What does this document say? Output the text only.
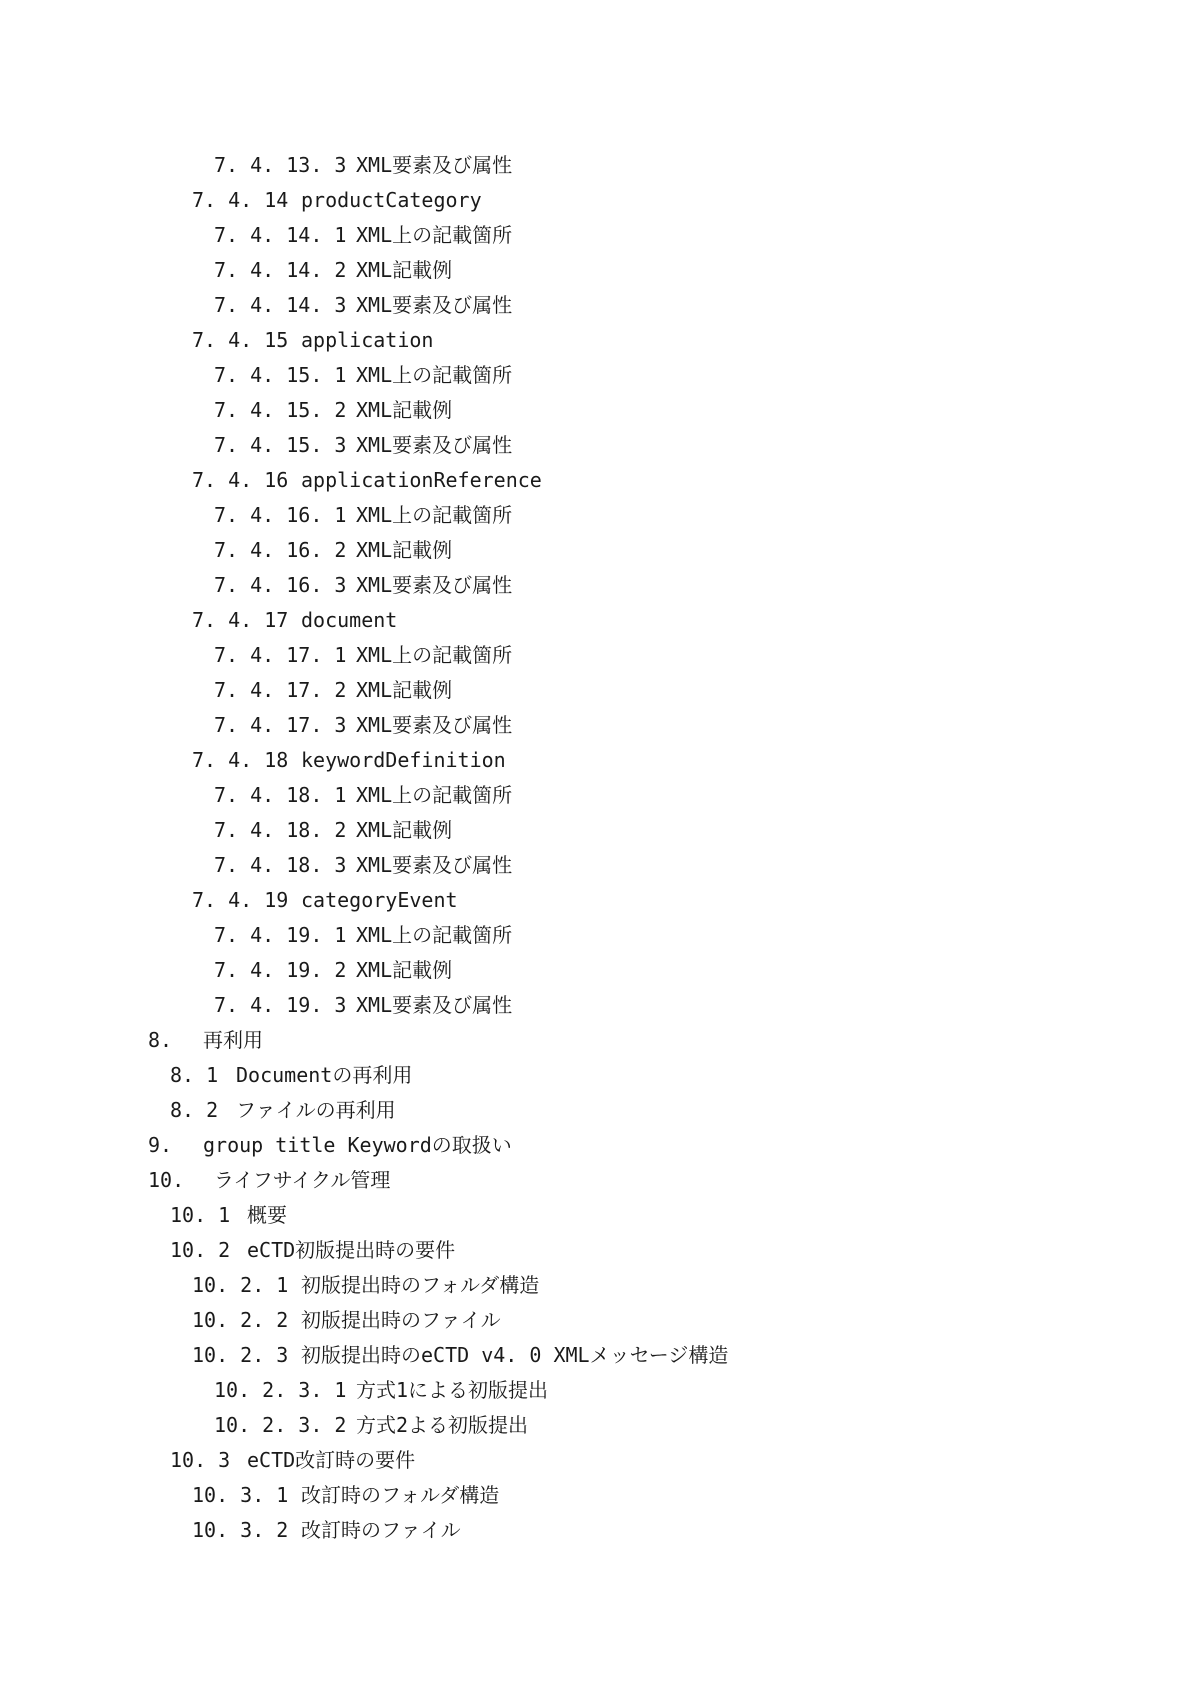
7. 4. 13. 3 XML要素及び属性
7. 4. 14 productCategory
7. 4. 14. 1 XML上の記載箇所
7. 4. 14. 2 XML記載例
7. 4. 14. 3 XML要素及び属性
7. 4. 15 application
7. 4. 15. 1 XML上の記載箇所
7. 4. 15. 2 XML記載例
7. 4. 15. 3 XML要素及び属性
7. 4. 16 applicationReference
7. 4. 16. 1 XML上の記載箇所
7. 4. 16. 2 XML記載例
7. 4. 16. 3 XML要素及び属性
7. 4. 17 document
7. 4. 17. 1 XML上の記載箇所
7. 4. 17. 2 XML記載例
7. 4. 17. 3 XML要素及び属性
7. 4. 18 keywordDefinition
7. 4. 18. 1 XML上の記載箇所
7. 4. 18. 2 XML記載例
7. 4. 18. 3 XML要素及び属性
7. 4. 19 categoryEvent
7. 4. 19. 1 XML上の記載箇所
7. 4. 19. 2 XML記載例
7. 4. 19. 3 XML要素及び属性
8. 再利用
8. 1 Documentの再利用
8. 2 ファイルの再利用
9. group title Keywordの取扱い
10. ライフサイクル管理
10. 1 概要
10. 2 eCTD初版提出時の要件
10. 2. 1 初版提出時のフォルダ構造
10. 2. 2 初版提出時のファイル
10. 2. 3 初版提出時のeCTD v4. 0 XMLメッセージ構造
10. 2. 3. 1 方式1による初版提出
10. 2. 3. 2 方式2よる初版提出
10. 3 eCTD改訂時の要件
10. 3. 1 改訂時のフォルダ構造
10. 3. 2 改訂時のファイル
